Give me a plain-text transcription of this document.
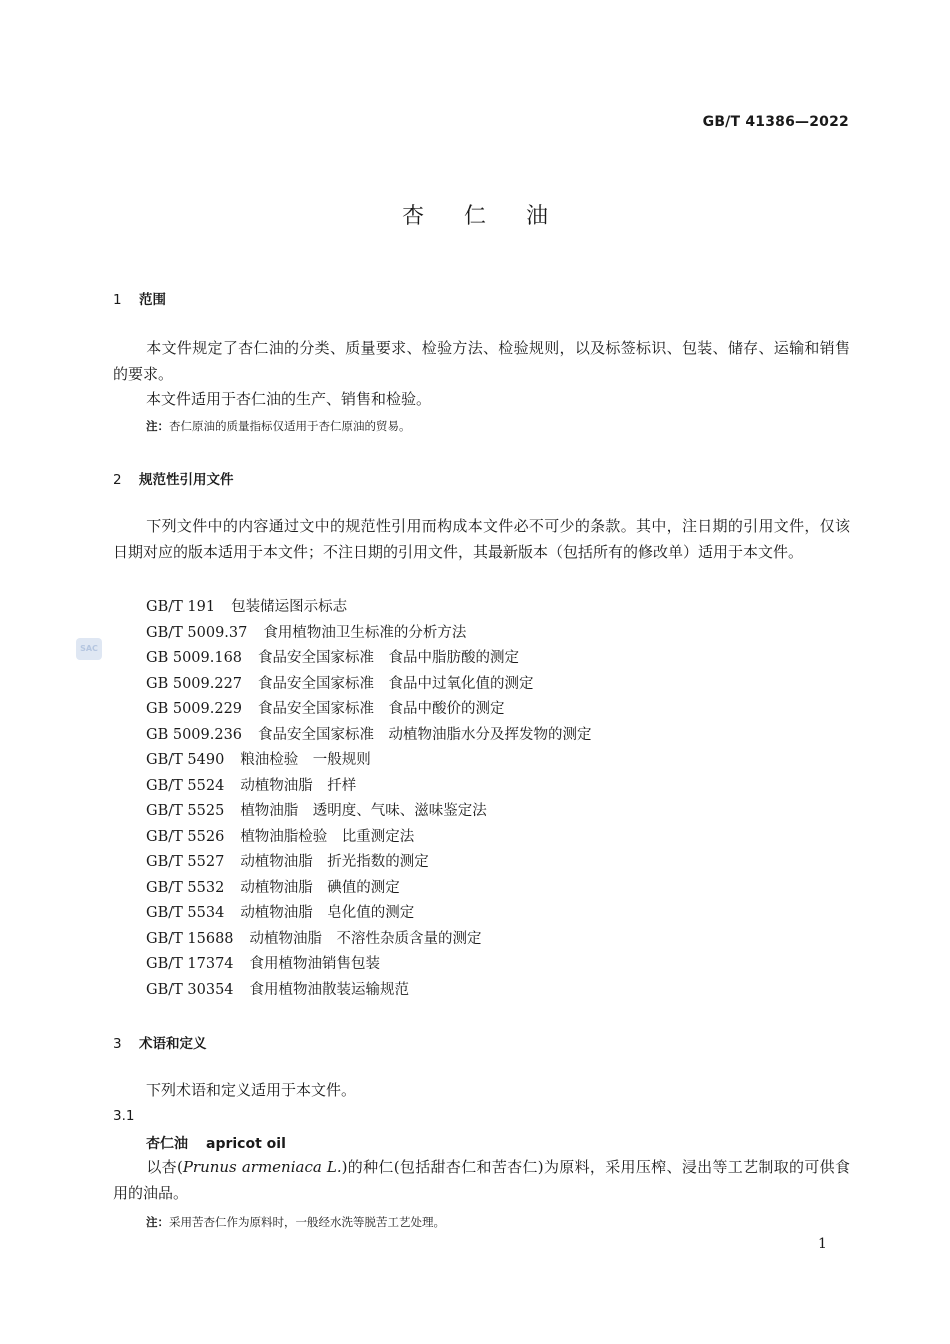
GB/T 41386—2022
杏仁油
1 范围
本文件规定了杏仁油的分类、质量要求、检验方法、检验规则，以及标签标识、包装、储存、运输和销售的要求。
本文件适用于杏仁油的生产、销售和检验。
注：杏仁原油的质量指标仅适用于杏仁原油的贸易。
2 规范性引用文件
下列文件中的内容通过文中的规范性引用而构成本文件必不可少的条款。其中，注日期的引用文件，仅该日期对应的版本适用于本文件；不注日期的引用文件，其最新版本（包括所有的修改单）适用于本文件。
GB/T 191 包装储运图示标志
GB/T 5009.37 食用植物油卫生标准的分析方法
GB 5009.168 食品安全国家标准　食品中脂肪酸的测定
GB 5009.227 食品安全国家标准　食品中过氧化值的测定
GB 5009.229 食品安全国家标准　食品中酸价的测定
GB 5009.236 食品安全国家标准　动植物油脂水分及挥发物的测定
GB/T 5490 粮油检验　一般规则
GB/T 5524 动植物油脂　扦样
GB/T 5525 植物油脂　透明度、气味、滋味鉴定法
GB/T 5526 植物油脂检验　比重测定法
GB/T 5527 动植物油脂　折光指数的测定
GB/T 5532 动植物油脂　碘值的测定
GB/T 5534 动植物油脂　皂化值的测定
GB/T 15688 动植物油脂　不溶性杂质含量的测定
GB/T 17374 食用植物油销售包装
GB/T 30354 食用植物油散装运输规范
3 术语和定义
下列术语和定义适用于本文件。
3.1
杏仁油 apricot oil
以杏(Prunus armeniaca L.)的种仁(包括甜杏仁和苦杏仁)为原料，采用压榨、浸出等工艺制取的可供食用的油品。
注：采用苦杏仁作为原料时，一般经水洗等脱苦工艺处理。
SAC
1
